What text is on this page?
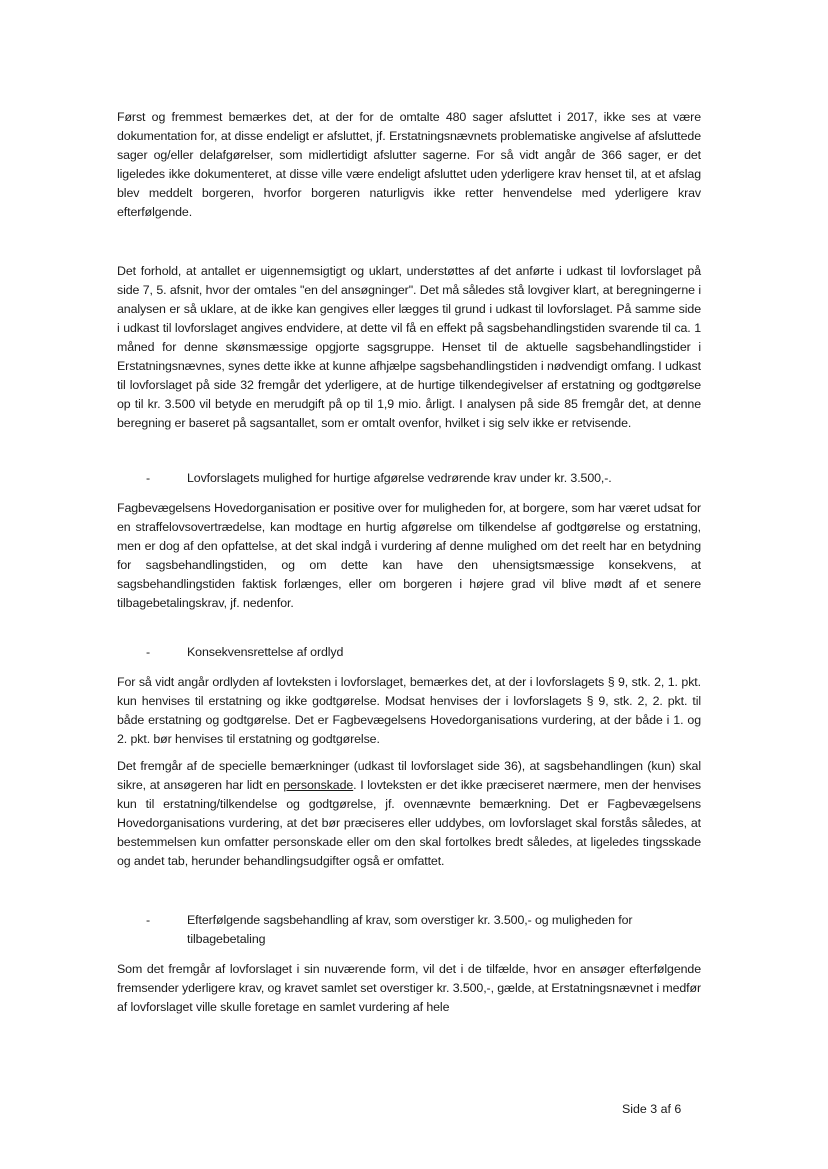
Først og fremmest bemærkes det, at der for de omtalte 480 sager afsluttet i 2017, ikke ses at være dokumentation for, at disse endeligt er afsluttet, jf. Erstatningsnævnets problematiske angivelse af afsluttede sager og/eller delafgørelser, som midlertidigt afslutter sagerne. For så vidt angår de 366 sager, er det ligeledes ikke dokumenteret, at disse ville være endeligt afsluttet uden yderligere krav henset til, at et afslag blev meddelt borgeren, hvorfor borgeren naturligvis ikke retter henvendelse med yderligere krav efterfølgende.

Det forhold, at antallet er uigennemsigtigt og uklart, understøttes af det anførte i udkast til lovforslaget på side 7, 5. afsnit, hvor der omtales "en del ansøgninger". Det må således stå lovgiver klart, at beregningerne i analysen er så uklare, at de ikke kan gengives eller lægges til grund i udkast til lovforslaget. På samme side i udkast til lovforslaget angives endvidere, at dette vil få en effekt på sagsbehandlingstiden svarende til ca. 1 måned for denne skønsmæssige opgjorte sagsgruppe. Henset til de aktuelle sagsbehandlingstider i Erstatningsnævnes, synes dette ikke at kunne afhjælpe sagsbehandlingstiden i nødvendigt omfang. I udkast til lovforslaget på side 32 fremgår det yderligere, at de hurtige tilkendegivelser af erstatning og godtgørelse op til kr. 3.500 vil betyde en merudgift på op til 1,9 mio. årligt. I analysen på side 85 fremgår det, at denne beregning er baseret på sagsantallet, som er omtalt ovenfor, hvilket i sig selv ikke er retvisende.

-	Lovforslagets mulighed for hurtige afgørelse vedrørende krav under kr. 3.500,-.

Fagbevægelsens Hovedorganisation er positive over for muligheden for, at borgere, som har været udsat for en straffelovsovertrædelse, kan modtage en hurtig afgørelse om tilkendelse af godtgørelse og erstatning, men er dog af den opfattelse, at det skal indgå i vurdering af denne mulighed om det reelt har en betydning for sagsbehandlingstiden, og om dette kan have den uhensigtsmæssige konsekvens, at sagsbehandlingstiden faktisk forlænges, eller om borgeren i højere grad vil blive mødt af et senere tilbagebetalingskrav, jf. nedenfor.

-	Konsekvensrettelse af ordlyd

For så vidt angår ordlyden af lovteksten i lovforslaget, bemærkes det, at der i lovforslagets § 9, stk. 2, 1. pkt. kun henvises til erstatning og ikke godtgørelse. Modsat henvises der i lovforslagets § 9, stk. 2, 2. pkt. til både erstatning og godtgørelse. Det er Fagbevægelsens Hovedorganisations vurdering, at der både i 1. og 2. pkt. bør henvises til erstatning og godtgørelse.

Det fremgår af de specielle bemærkninger (udkast til lovforslaget side 36), at sagsbehandlingen (kun) skal sikre, at ansøgeren har lidt en personskade. I lovteksten er det ikke præciseret nærmere, men der henvises kun til erstatning/tilkendelse og godtgørelse, jf. ovennævnte bemærkning. Det er Fagbevægelsens Hovedorganisations vurdering, at det bør præciseres eller uddybes, om lovforslaget skal forstås således, at bestemmelsen kun omfatter personskade eller om den skal fortolkes bredt således, at ligeledes tingsskade og andet tab, herunder behandlingsudgifter også er omfattet.

-	Efterfølgende sagsbehandling af krav, som overstiger kr. 3.500,- og muligheden for tilbagebetaling

Som det fremgår af lovforslaget i sin nuværende form, vil det i de tilfælde, hvor en ansøger efterfølgende fremsender yderligere krav, og kravet samlet set overstiger kr. 3.500,-, gælde, at Erstatningsnævnet i medfør af lovforslaget ville skulle foretage en samlet vurdering af hele

Side 3 af 6
